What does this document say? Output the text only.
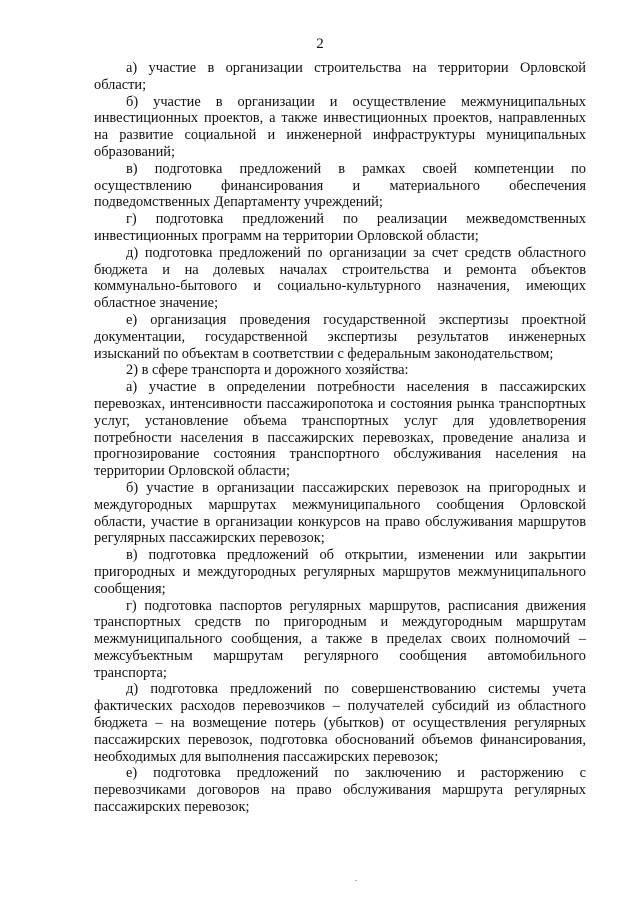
2

а) участие в организации строительства на территории Орловской области;

б) участие в организации и осуществление межмуниципальных инвестиционных проектов, а также инвестиционных проектов, направленных на развитие социальной и инженерной инфраструктуры муниципальных образований;

в) подготовка предложений в рамках своей компетенции по осуществлению финансирования и материального обеспечения подведомственных Департаменту учреждений;

г) подготовка предложений по реализации межведомственных инвестиционных программ на территории Орловской области;

д) подготовка предложений по организации за счет средств областного бюджета и на долевых началах строительства и ремонта объектов коммунально-бытового и социально-культурного назначения, имеющих областное значение;

е) организация проведения государственной экспертизы проектной документации, государственной экспертизы результатов инженерных изысканий по объектам в соответствии с федеральным законодательством;

2) в сфере транспорта и дорожного хозяйства:

а) участие в определении потребности населения в пассажирских перевозках, интенсивности пассажиропотока и состояния рынка транспортных услуг, установление объема транспортных услуг для удовлетворения потребности населения в пассажирских перевозках, проведение анализа и прогнозирование состояния транспортного обслуживания населения на территории Орловской области;

б) участие в организации пассажирских перевозок на пригородных и междугородных маршрутах межмуниципального сообщения Орловской области, участие в организации конкурсов на право обслуживания маршрутов регулярных пассажирских перевозок;

в) подготовка предложений об открытии, изменении или закрытии пригородных и междугородных регулярных маршрутов межмуниципального сообщения;

г) подготовка паспортов регулярных маршрутов, расписания движения транспортных средств по пригородным и междугородным маршрутам межмуниципального сообщения, а также в пределах своих полномочий – межсубъектным маршрутам регулярного сообщения автомобильного транспорта;

д) подготовка предложений по совершенствованию системы учета фактических расходов перевозчиков – получателей субсидий из областного бюджета – на возмещение потерь (убытков) от осуществления регулярных пассажирских перевозок, подготовка обоснований объемов финансирования, необходимых для выполнения пассажирских перевозок;

е) подготовка предложений по заключению и расторжению с перевозчиками договоров на право обслуживания маршрута регулярных пассажирских перевозок;
